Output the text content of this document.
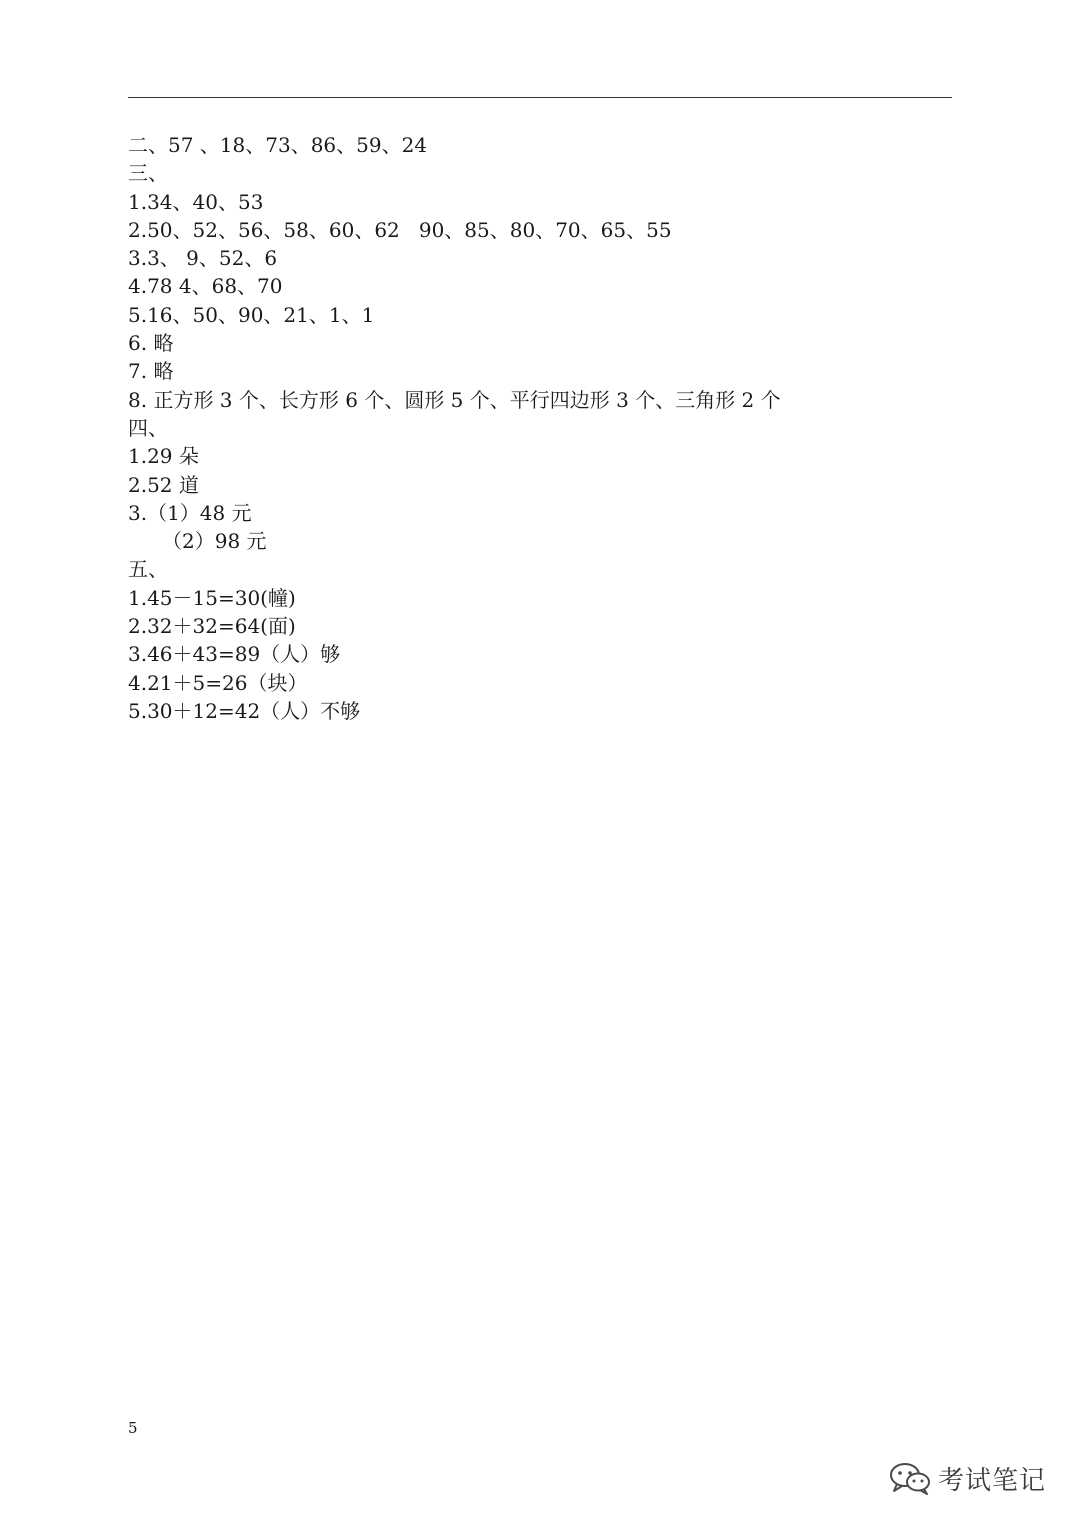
二、57 、18、73、86、59、24
三、
1.34、40、53
2.50、52、56、58、60、62   90、85、80、70、65、55
3.3、 9、52、6
4.78 4、68、70
5.16、50、90、21、1、1
6. 略
7. 略
8. 正方形 3 个、长方形 6 个、圆形 5 个、平行四边形 3 个、三角形 2 个
四、
1.29 朵
2.52 道
3.（1）48 元
（2）98 元
五、
1.45－15=30(幢)
2.32＋32=64(面)
3.46＋43=89（人）够
4.21＋5=26（块）
5.30＋12=42（人）不够
5
考试笔记
